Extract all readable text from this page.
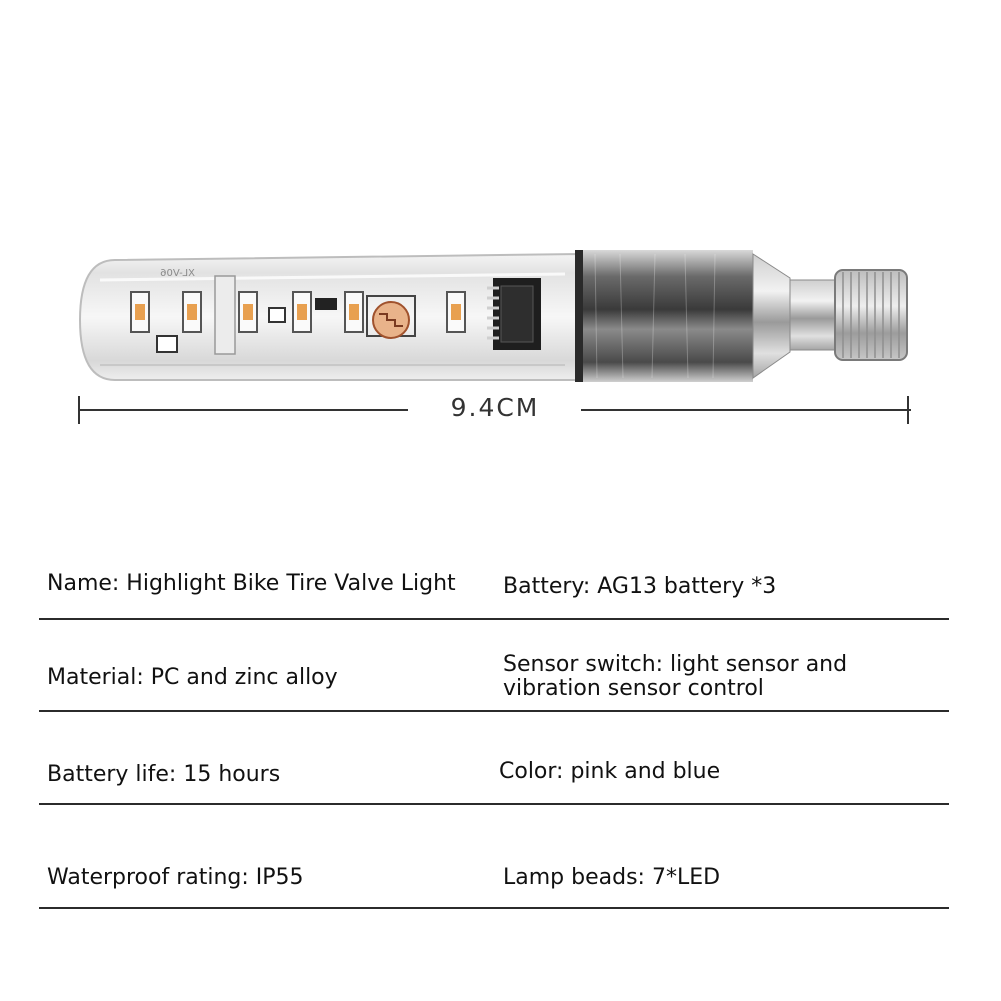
XL-V06
9.4CM
Name: Highlight Bike Tire Valve Light Battery: AG13 battery *3
Material: PC and zinc alloy
Sensor switch: light sensor and
vibration sensor control
Battery life: 15 hours	Color: pink and blue
Waterproof rating: IP55	Lamp beads: 7*LED
